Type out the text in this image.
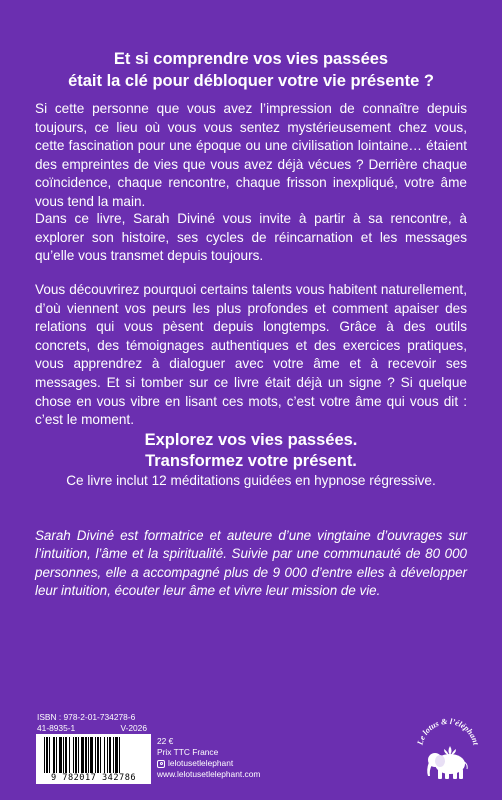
Et si comprendre vos vies passées
était la clé pour débloquer votre vie présente ?
Si cette personne que vous avez l’impression de connaître depuis toujours, ce lieu où vous vous sentez mystérieusement chez vous, cette fascination pour une époque ou une civilisation lointaine… étaient des empreintes de vies que vous avez déjà vécues ? Derrière chaque coïncidence, chaque rencontre, chaque frisson inexpliqué, votre âme vous tend la main.
Dans ce livre, Sarah Diviné vous invite à partir à sa rencontre, à explorer son histoire, ses cycles de réincarnation et les messages qu’elle vous transmet depuis toujours.
Vous découvrirez pourquoi certains talents vous habitent naturellement, d’où viennent vos peurs les plus profondes et comment apaiser des relations qui vous pèsent depuis longtemps. Grâce à des outils concrets, des témoignages authentiques et des exercices pratiques, vous apprendrez à dialoguer avec votre âme et à recevoir ses messages. Et si tomber sur ce livre était déjà un signe ? Si quelque chose en vous vibre en lisant ces mots, c’est votre âme qui vous dit : c’est le moment.
Explorez vos vies passées.
Transformez votre présent.
Ce livre inclut 12 méditations guidées en hypnose régressive.
Sarah Diviné est formatrice et auteure d’une vingtaine d’ouvrages sur l’intuition, l’âme et la spiritualité. Suivie par une communauté de 80 000 personnes, elle a accompagné plus de 9 000 d’entre elles à développer leur intuition, écouter leur âme et vivre leur mission de vie.
ISBN : 978-2-01-734278-6
41-8935-1	V-2026
9 782017 342786
22 €
Prix TTC France
lelotusetlelephant
www.lelotusetlelephant.com
Le lotus & l’éléphant
